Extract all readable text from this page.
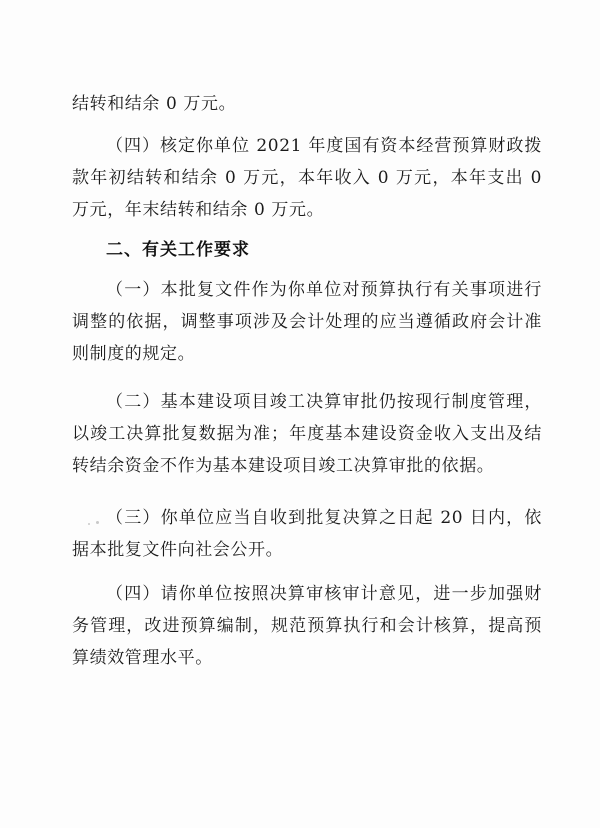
结转和结余 0 万元。

（四）核定你单位 2021 年度国有资本经营预算财政拨款年初结转和结余 0 万元，本年收入 0 万元，本年支出 0 万元，年末结转和结余 0 万元。

二、有关工作要求

（一）本批复文件作为你单位对预算执行有关事项进行调整的依据，调整事项涉及会计处理的应当遵循政府会计准则制度的规定。

（二）基本建设项目竣工决算审批仍按现行制度管理，以竣工决算批复数据为准；年度基本建设资金收入支出及结转结余资金不作为基本建设项目竣工决算审批的依据。

（三）你单位应当自收到批复决算之日起 20 日内，依据本批复文件向社会公开。

（四）请你单位按照决算审核审计意见，进一步加强财务管理，改进预算编制，规范预算执行和会计核算，提高预算绩效管理水平。
